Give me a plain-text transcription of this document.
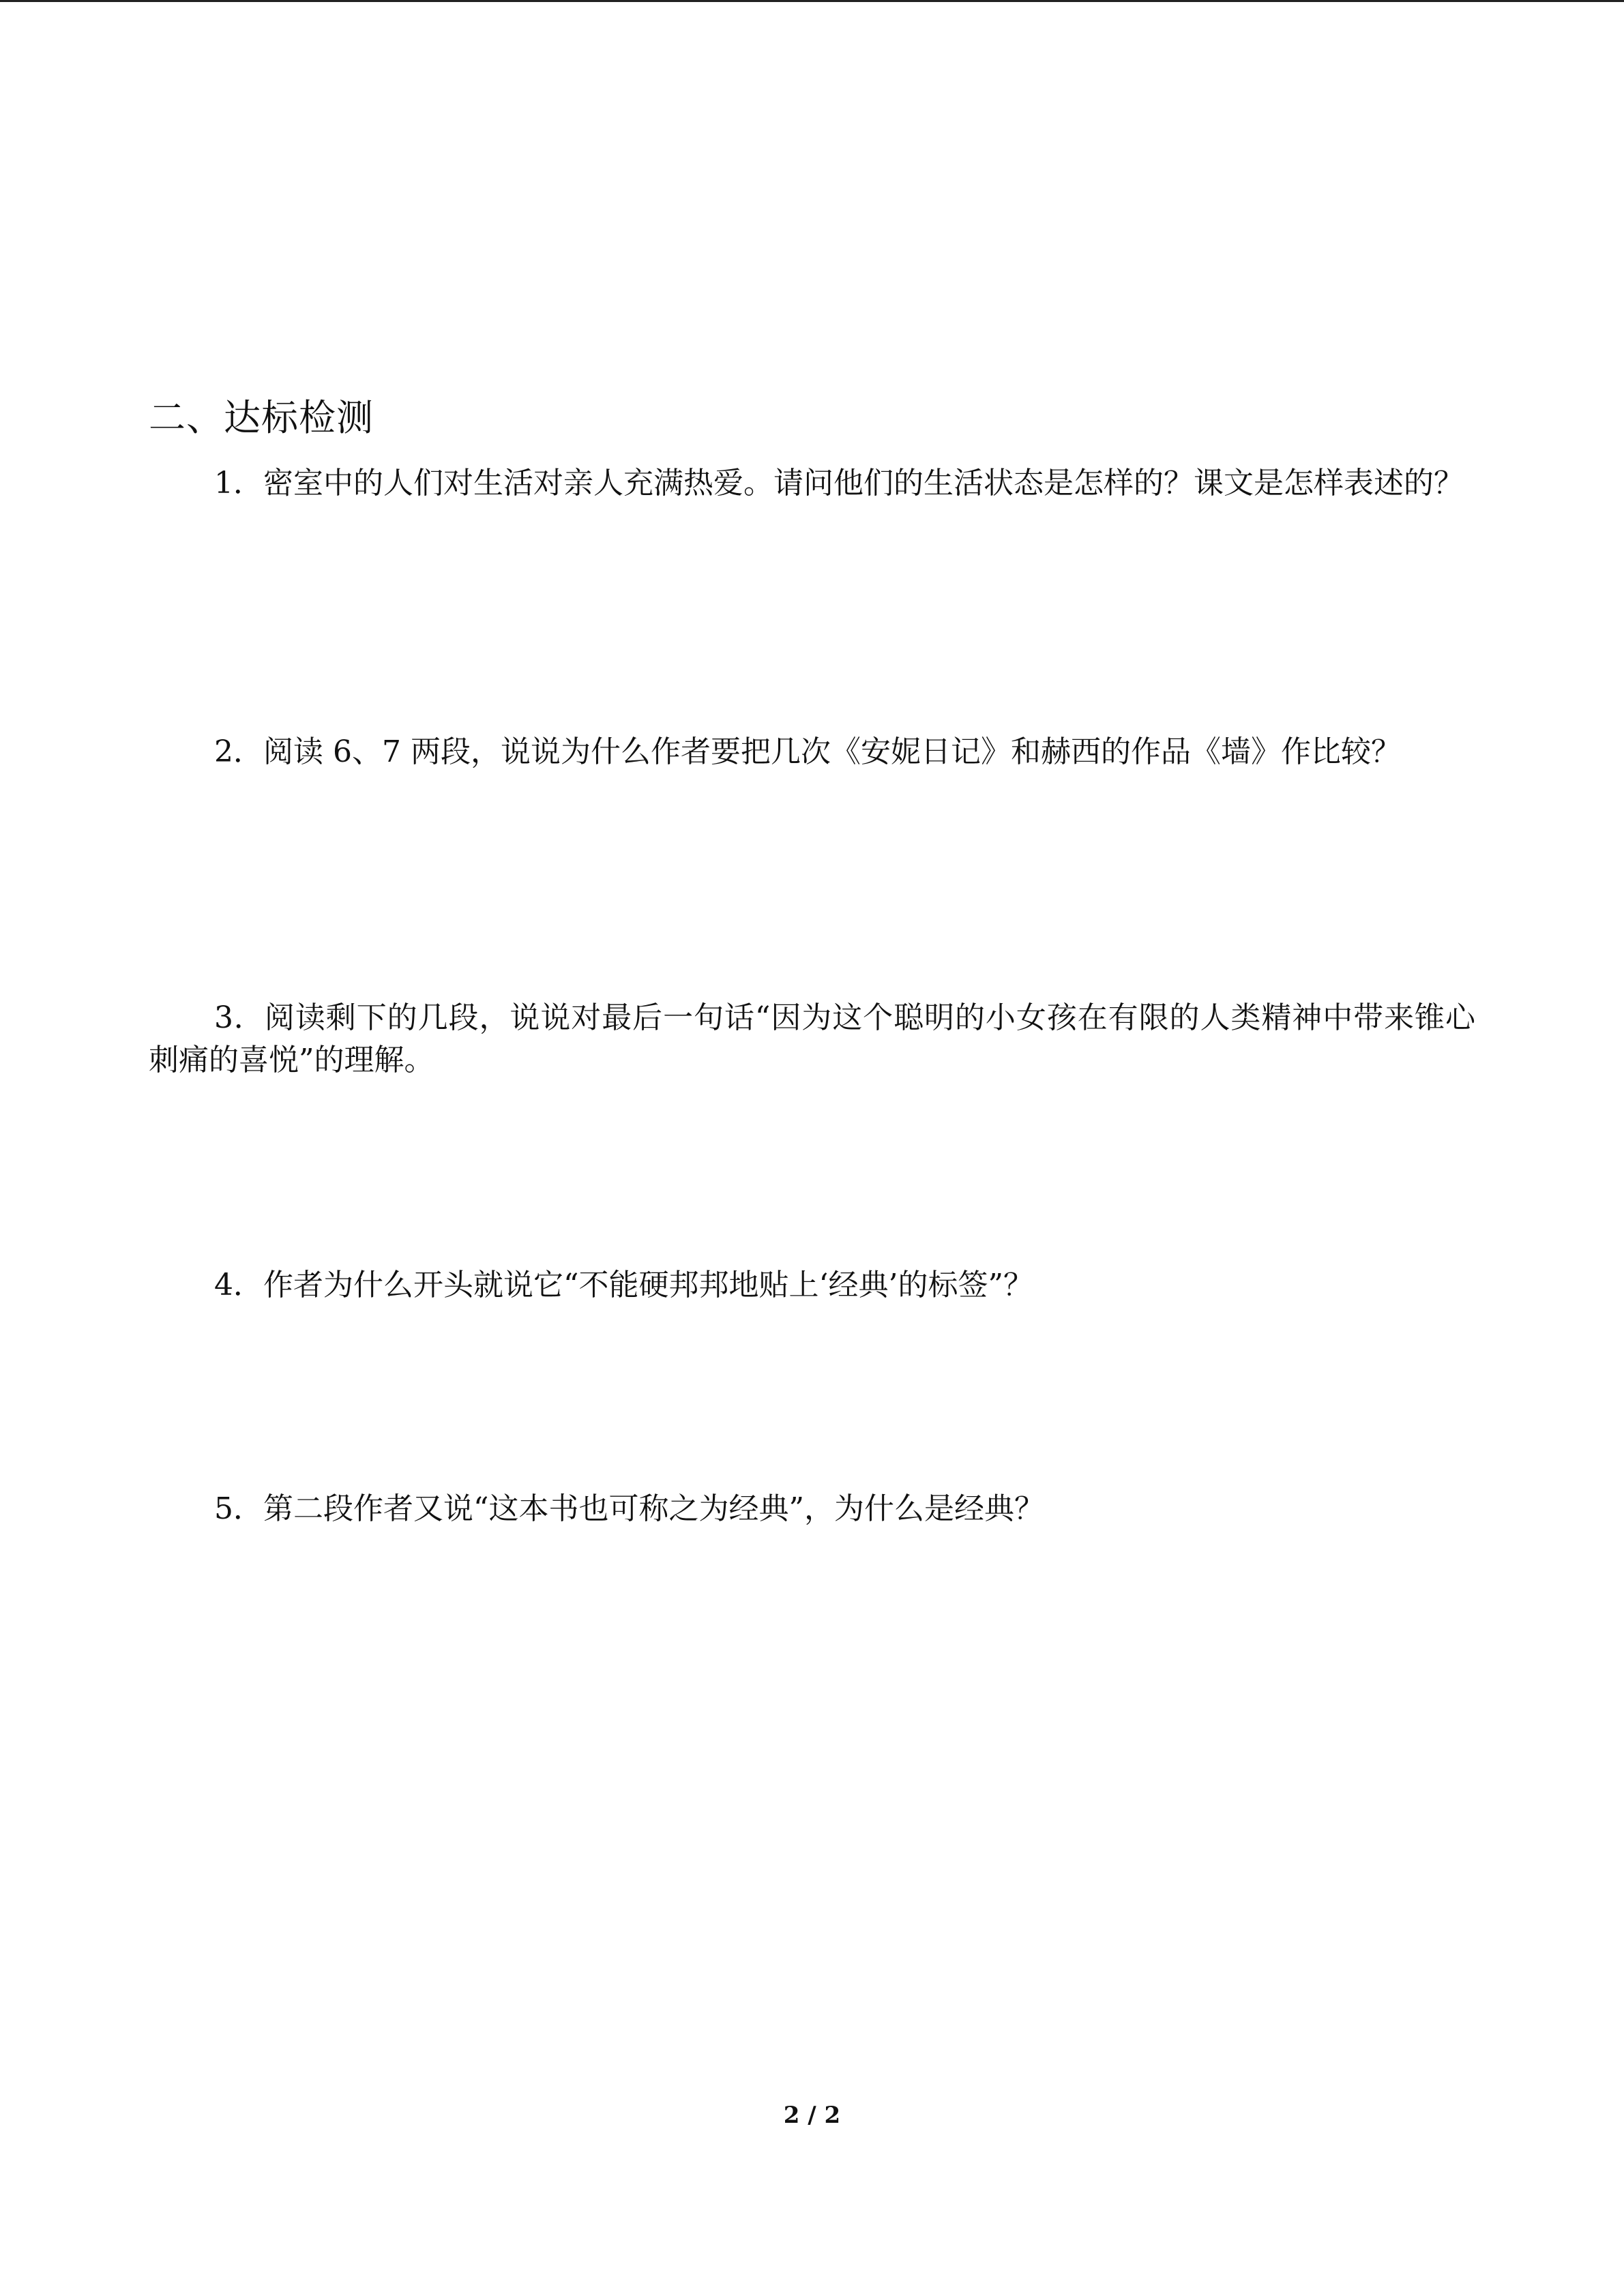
二、达标检测
1．密室中的人们对生活对亲人充满热爱。请问他们的生活状态是怎样的？课文是怎样表述的？
2．阅读 6、7 两段，说说为什么作者要把几次《安妮日记》和赫西的作品《墙》作比较？
3．阅读剩下的几段，说说对最后一句话“因为这个聪明的小女孩在有限的人类精神中带来锥心刺痛的喜悦”的理解。
4．作者为什么开头就说它“不能硬邦邦地贴上‘经典’的标签”？
5．第二段作者又说“这本书也可称之为经典”，为什么是经典？
2 / 2
